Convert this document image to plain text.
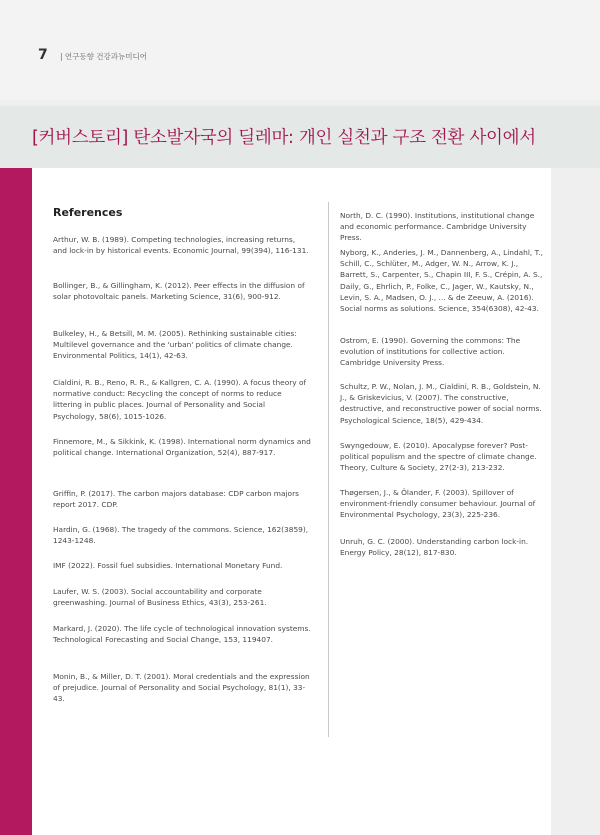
7 | 연구동향 건강과뉴미디어
[커버스토리] 탄소발자국의 딜레마: 개인 실천과 구조 전환 사이에서
References

Arthur, W. B. (1989). Competing technologies, increasing returns, and lock-in by historical events. Economic Journal, 99(394), 116-131.

Bollinger, B., & Gillingham, K. (2012). Peer effects in the diffusion of solar photovoltaic panels. Marketing Science, 31(6), 900-912.

Bulkeley, H., & Betsill, M. M. (2005). Rethinking sustainable cities: Multilevel governance and the 'urban' politics of climate change. Environmental Politics, 14(1), 42-63.

Cialdini, R. B., Reno, R. R., & Kallgren, C. A. (1990). A focus theory of normative conduct: Recycling the concept of norms to reduce littering in public places. Journal of Personality and Social Psychology, 58(6), 1015-1026.

Finnemore, M., & Sikkink, K. (1998). International norm dynamics and political change. International Organization, 52(4), 887-917.

Griffin, P. (2017). The carbon majors database: CDP carbon majors report 2017. CDP.

Hardin, G. (1968). The tragedy of the commons. Science, 162(3859), 1243-1248.

IMF (2022). Fossil fuel subsidies. International Monetary Fund.

Laufer, W. S. (2003). Social accountability and corporate greenwashing. Journal of Business Ethics, 43(3), 253-261.

Markard, J. (2020). The life cycle of technological innovation systems. Technological Forecasting and Social Change, 153, 119407.

Monin, B., & Miller, D. T. (2001). Moral credentials and the expression of prejudice. Journal of Personality and Social Psychology, 81(1), 33-43.

North, D. C. (1990). Institutions, institutional change and economic performance. Cambridge University Press.

Nyborg, K., Anderies, J. M., Dannenberg, A., Lindahl, T., Schill, C., Schlüter, M., Adger, W. N., Arrow, K. J., Barrett, S., Carpenter, S., Chapin III, F. S., Crépin, A. S., Daily, G., Ehrlich, P., Folke, C., Jager, W., Kautsky, N., Levin, S. A., Madsen, O. J., ... & de Zeeuw, A. (2016). Social norms as solutions. Science, 354(6308), 42-43.

Ostrom, E. (1990). Governing the commons: The evolution of institutions for collective action. Cambridge University Press.

Schultz, P. W., Nolan, J. M., Cialdini, R. B., Goldstein, N. J., & Griskevicius, V. (2007). The constructive, destructive, and reconstructive power of social norms. Psychological Science, 18(5), 429-434.

Swyngedouw, E. (2010). Apocalypse forever? Post-political populism and the spectre of climate change. Theory, Culture & Society, 27(2-3), 213-232.

Thøgersen, J., & Ölander, F. (2003). Spillover of environment-friendly consumer behaviour. Journal of Environmental Psychology, 23(3), 225-236.

Unruh, G. C. (2000). Understanding carbon lock-in. Energy Policy, 28(12), 817-830.
